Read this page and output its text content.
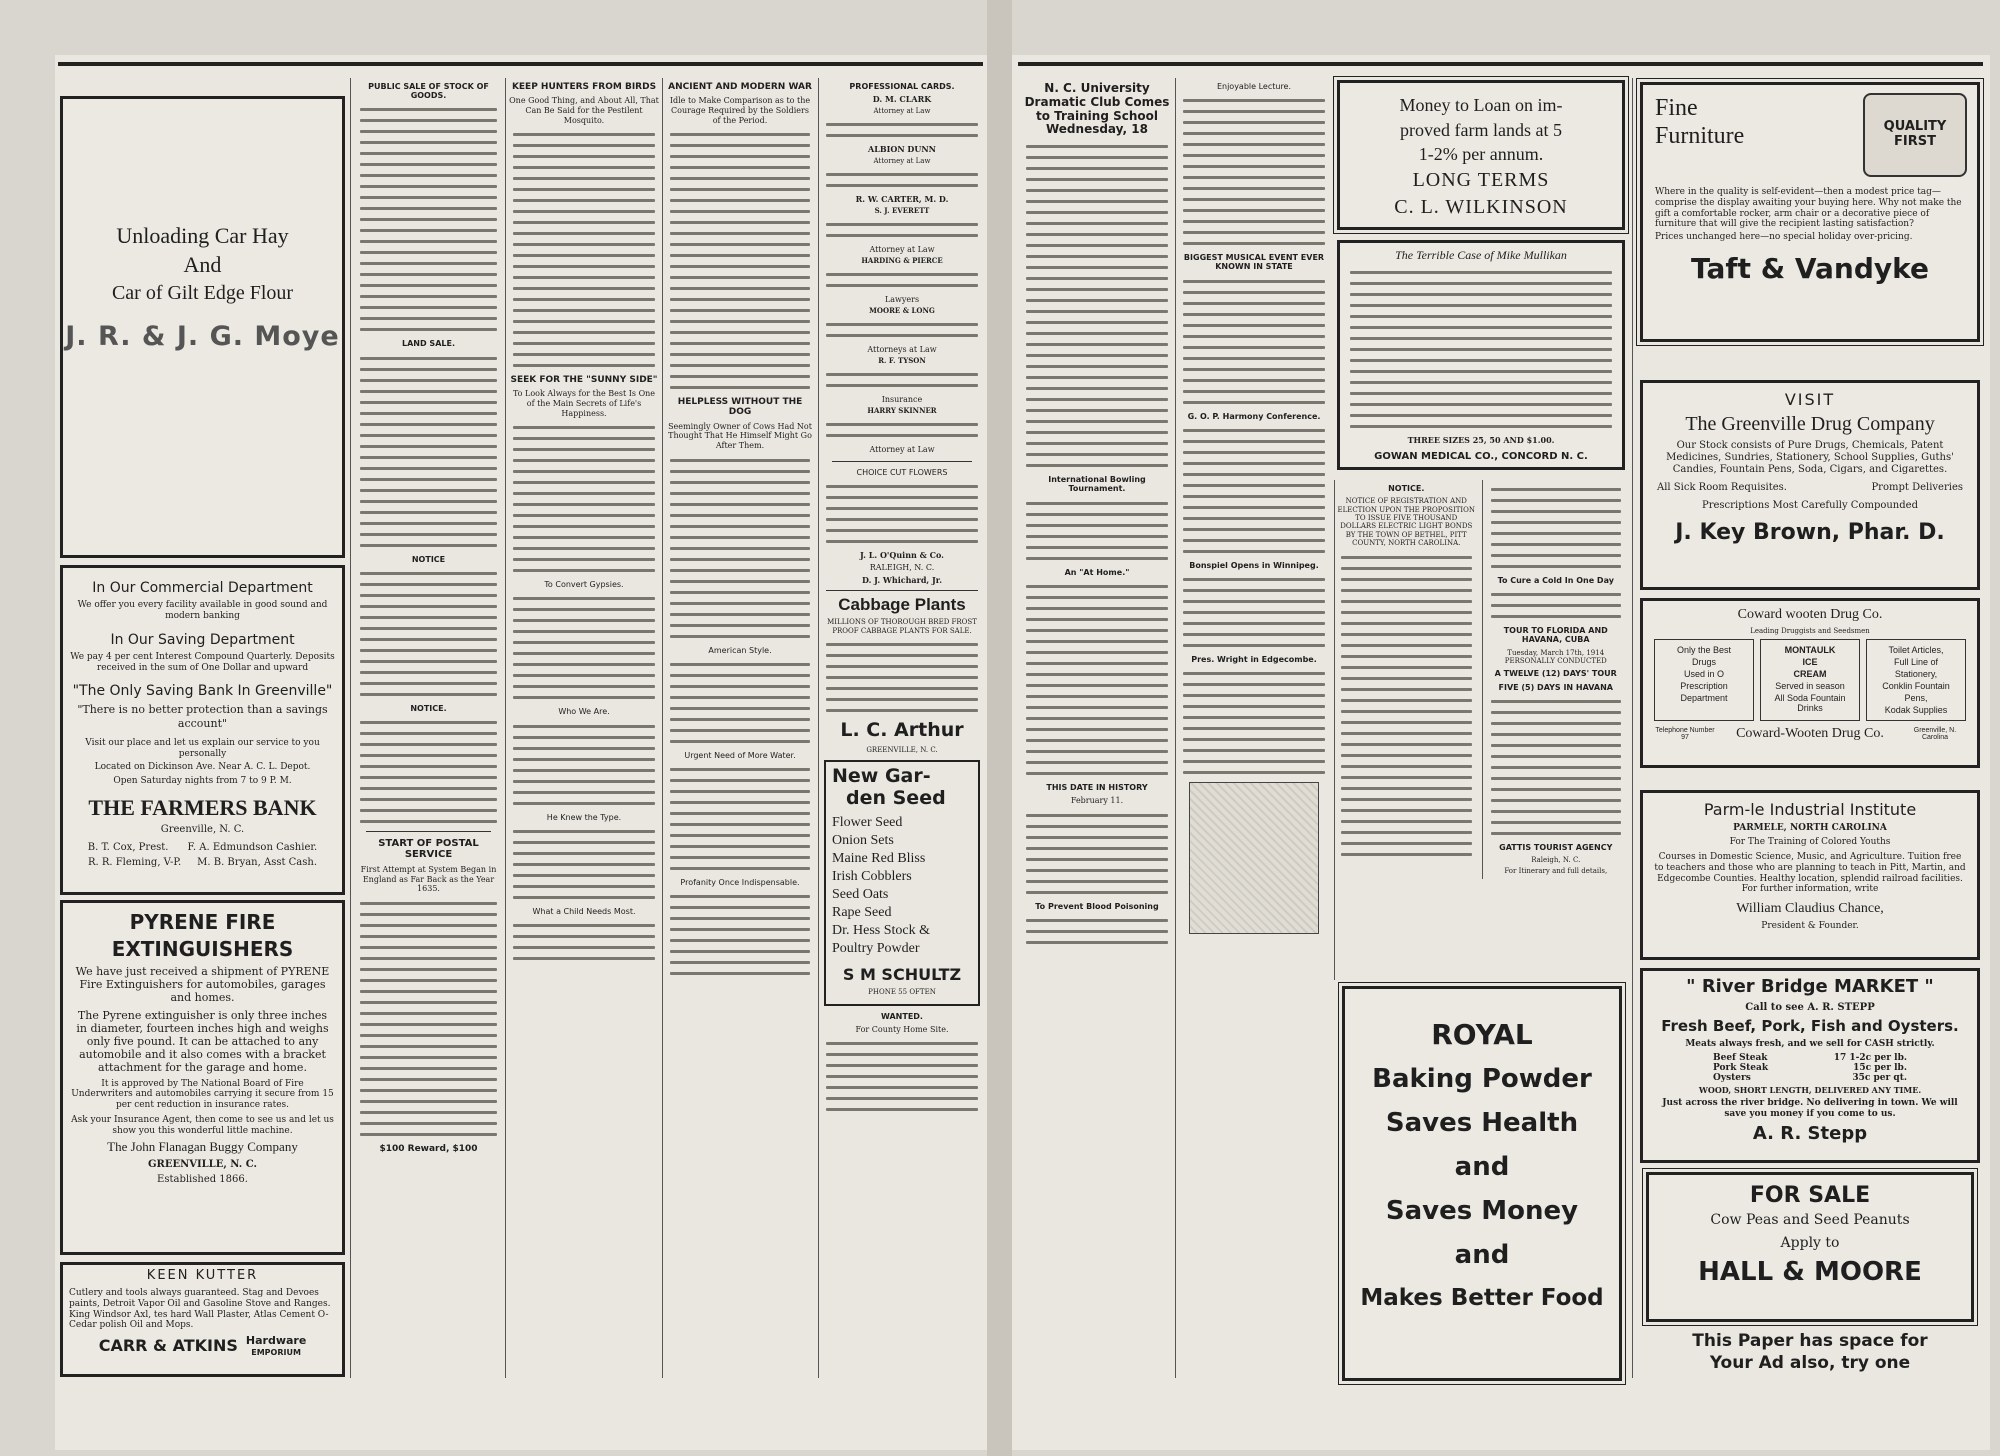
Unloading Car Hay
And
Car of Gilt Edge Flour
J. R. & J. G. Moye
In Our Commercial Department
We offer you every facility available in good sound and modern banking
In Our Saving Department
We pay 4 per cent Interest Compound Quarterly. Deposits received in the sum of One Dollar and upward
"The Only Saving Bank In Greenville"
"There is no better protection than a savings account"
Visit our place and let us explain our service to you personally
Located on Dickinson Ave. Near A. C. L. Depot.
Open Saturday nights from 7 to 9 P. M.
THE FARMERS BANK
Greenville, N. C.
B. T. Cox, Prest.      F. A. Edmundson Cashier.
R. R. Fleming, V-P.     M. B. Bryan, Asst Cash.
PYRENE FIRE
EXTINGUISHERS
We have just received a shipment of PYRENE Fire Extinguishers for automobiles, garages and homes.
The Pyrene extinguisher is only three inches in diameter, fourteen inches high and weighs only five pound. It can be attached to any automobile and it also comes with a bracket attachment for the garage and home.
It is approved by The National Board of Fire Underwriters and automobiles carrying it secure from 15 per cent reduction in insurance rates.
Ask your Insurance Agent, then come to see us and let us show you this wonderful little machine.
The John Flanagan Buggy Company
GREENVILLE, N. C.
Established 1866.
KEEN KUTTER
Cutlery and tools always guaranteed. Stag and Devoes paints, Detroit Vapor Oil and Gasoline Stove and Ranges. King Windsor Axl, tes hard Wall Plaster, Atlas Cement O-Cedar polish Oil and Mops.
CARR & ATKINS Hardware
EMPORIUM
PUBLIC SALE OF STOCK OF GOODS.
LAND SALE.
NOTICE
NOTICE.
START OF POSTAL SERVICE
First Attempt at System Began in England as Far Back as the Year 1635.
$100 Reward, $100
KEEP HUNTERS FROM BIRDS
One Good Thing, and About All, That Can Be Said for the Pestilent Mosquito.
SEEK FOR THE "SUNNY SIDE"
To Look Always for the Best Is One of the Main Secrets of Life's Happiness.
To Convert Gypsies.
Who We Are.
He Knew the Type.
What a Child Needs Most.
ANCIENT AND MODERN WAR
Idle to Make Comparison as to the Courage Required by the Soldiers of the Period.
HELPLESS WITHOUT THE DOG
Seemingly Owner of Cows Had Not Thought That He Himself Might Go After Them.
American Style.
Urgent Need of More Water.
Profanity Once Indispensable.
PROFESSIONAL CARDS.
D. M. CLARK
Attorney at Law
ALBION DUNN
Attorney at Law
R. W. CARTER, M. D.
S. J. EVERETT
Attorney at Law
HARDING & PIERCE
Lawyers
MOORE & LONG
Attorneys at Law
R. F. TYSON
Insurance
HARRY SKINNER
Attorney at Law
CHOICE CUT FLOWERS
J. L. O'Quinn & Co.
RALEIGH, N. C.
D. J. Whichard, Jr.
Cabbage Plants
MILLIONS OF THOROUGH BRED FROST PROOF CABBAGE PLANTS FOR SALE.
L. C. Arthur
GREENVILLE, N. C.
New Gar-
den Seed
Flower Seed
Onion Sets
Maine Red Bliss
Irish Cobblers
Seed Oats
Rape Seed
Dr. Hess Stock &
Poultry Powder
S M SCHULTZ
PHONE 55 OFTEN
WANTED.
For County Home Site.
N. C. University Dramatic Club Comes to Training School Wednesday, 18
International Bowling Tournament.
An "At Home."
THIS DATE IN HISTORY
February 11.
To Prevent Blood Poisoning
Enjoyable Lecture.
BIGGEST MUSICAL EVENT EVER KNOWN IN STATE
G. O. P. Harmony Conference.
Bonspiel Opens in Winnipeg.
Pres. Wright in Edgecombe.
Money to Loan on im-
proved farm lands at 5
1-2% per annum.
LONG TERMS
C. L. WILKINSON
The Terrible Case of Mike Mullikan
THREE SIZES 25, 50 AND $1.00.
GOWAN MEDICAL CO., CONCORD N. C.
NOTICE.
NOTICE OF REGISTRATION AND ELECTION UPON THE PROPOSITION TO ISSUE FIVE THOUSAND DOLLARS ELECTRIC LIGHT BONDS BY THE TOWN OF BETHEL, PITT COUNTY, NORTH CAROLINA.
To Cure a Cold In One Day
TOUR TO FLORIDA AND HAVANA, CUBA
Tuesday, March 17th, 1914 PERSONALLY CONDUCTED
A TWELVE (12) DAYS' TOUR
FIVE (5) DAYS IN HAVANA
GATTIS TOURIST AGENCY
Raleigh, N. C.
For Itinerary and full details,
ROYAL
Baking Powder
Saves Health
and
Saves Money
and
Makes Better Food
Fine
Furniture	QUALITY FIRST
Where in the quality is self-evident—then a modest price tag—comprise the display awaiting your buying here. Why not make the gift a comfortable rocker, arm chair or a decorative piece of furniture that will give the recipient lasting satisfaction?
Prices unchanged here—no special holiday over-pricing.
Taft & Vandyke
VISIT
The Greenville Drug Company
Our Stock consists of Pure Drugs, Chemicals, Patent Medicines, Sundries, Stationery, School Supplies, Guths' Candies, Fountain Pens, Soda, Cigars, and Cigarettes.
All Sick Room Requisites.	Prompt Deliveries
Prescriptions Most Carefully Compounded
J. Key Brown, Phar. D.
Coward wooten Drug Co.
Leading Druggists and Seedsmen
Only the Best
Drugs
Used in O
Prescription
Department
MONTAULK
ICE
CREAM
Served in season
All Soda Fountain Drinks
Toilet Articles,
Full Line of
Stationery,
Conklin Fountain
Pens,
Kodak Supplies
Telephone Number 97	Coward-Wooten Drug Co.	Greenville, N. Carolina
Parm-le Industrial Institute
PARMELE, NORTH CAROLINA
For The Training of Colored Youths
Courses in Domestic Science, Music, and Agriculture. Tuition free to teachers and those who are planning to teach in Pitt, Martin, and Edgecombe Counties. Healthy location, splendid railroad facilities. For further information, write
William Claudius Chance,
President & Founder.
" River Bridge MARKET "
Call to see A. R. STEPP
Fresh Beef, Pork, Fish and Oysters.
Meats always fresh, and we sell for CASH strictly.
Beef Steak	17 1-2c per lb.
Pork Steak	15c per lb.
Oysters	35c per qt.
WOOD, SHORT LENGTH, DELIVERED ANY TIME.
Just across the river bridge. No delivering in town. We will save you money if you come to us.
A. R. Stepp
FOR SALE
Cow Peas and Seed Peanuts
Apply to
HALL & MOORE
This Paper has space for
Your Ad also, try one
